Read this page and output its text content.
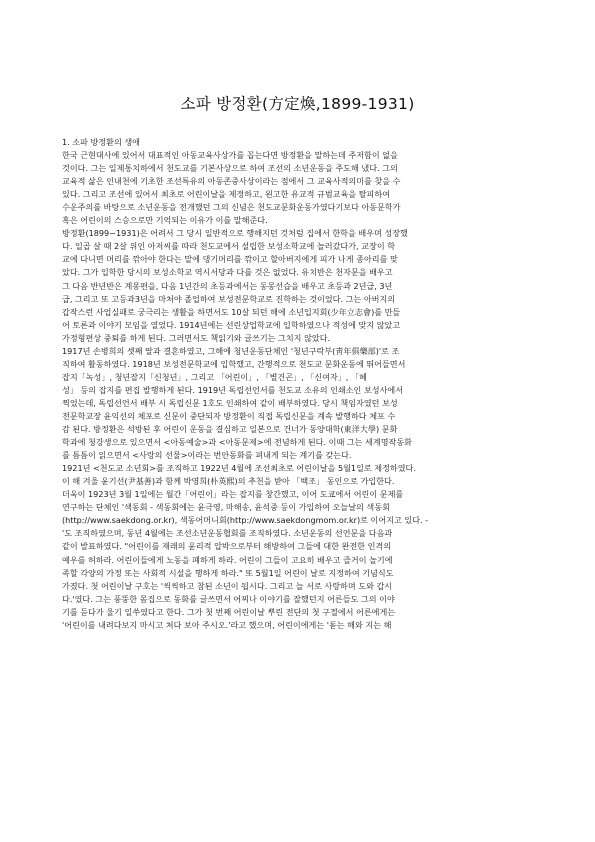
소파 방정환(方定煥,1899-1931)
1. 소파 방정환의 생애
한국 근현대사에 있어서 대표적인 아동교육사상가를 꼽는다면 방정환을 말하는데 주저함이 없을
것이다. 그는 일제통치하에서 천도교를 기본사상으로 하여 조선의 소년운동을 주도해 냈다. 그의
교육적 삶은 인내천에 기초한 조선특유의 아동존중사상이라는 점에서 그 교육사적의미를 찾을 수
있다. 그리고 조선에 있어서 최초로 어린이날을 제정하고, 왼고한 유교적 규범교육을 탈피하여
수운주의를 바탕으로 소년운동을 전개했던 그의 신념은 천도교문화운동가였다기보다 아동문학가
혹은 어린이의 스승으로만 기억되는 이유가 이를 말해준다.
방정환(1899~1931)은 어려서 그 당시 일반적으로 행해지던 것처럼 집에서 한학을 배우며 성장했
다. 일곱 살 때 2살 위인 아저씨를 따라 천도교에서 설립한 보성소학교에 놀러갔다가, 교장이 학
교에 다니면 머리를 깎아야 한다는 말에 댕기머리를 깎이고 할아버지에게 피가 나게 종아리를 맞
았다. 그가 입학한 당시의 보성소학교 역시서당과 다를 것은 없었다. 유치반은 천자문을 배우고
그 다음 반년반은 계몽편을, 다음 1년간의 초등과에서는 동몽선습을 배우고 초등과 2년급, 3년
급, 그리고 또 고등과3년을 마쳐야 졸업하여 보성전문학교로 진학하는 것이었다. 그는 아버지의
갑작스런 사업실패로 궁극리는 생활을 하면서도 10살 되던 해에 소년입지회(少年立志會)를 만들
어 토론과 이야기 모임을 열었다. 1914년에는 선린상업학교에 입학하였으나 적성에 맞지 않았고
가정형편상 중퇴를 하게 된다. 그러면서도 책읽기와 글쓰기는 그치지 않았다.
1917년 손병희의 셋째 딸과 결혼하였고, 그해에 청년운동단체인 '청년구락부(靑年俱樂部)'로 조
직하여 활동하였다. 1918년 보성전문학교에 입학했고, 간행적으로 천도교 문화운동에 뛰어들면서
잡지「녹성」, 청년잡지「신청년」, 그리고 「어린이」, 「별건곤」, 「신여자」, 「혜
성」 등의 잡지를 편집 발행하게 된다. 1919년 독립선언서를 천도교 소유의 인쇄소인 보성사에서
찍었는데, 독립선언서 배부 시 독립신문 1호도 인쇄하여 같이 배부하였다. 당시 책임자였던 보성
전문학교장 윤익선의 체포로 신문이 중단되자 방정환이 직접 독립신문을 계속 발행하다 체포 수
감 된다. 방정환은 석방된 후 어린이 운동을 결심하고 일본으로 건너가 동양대학(東洋大學) 문화
학과에 청강생으로 있으면서 <아동예술>과 <아동문제>에 전념하게 된다. 이때 그는 세계명작동화
를 틈틈이 읽으면서 <사랑의 선물>이라는 번안동화를 펴내게 되는 계기를 갖는다.
1921년 <천도교 소년회>를 조직하고 1922년 4월에 조선최초로 어린이날을 5월1일로 제정하였다.
이 해 겨울 윤기선(尹基善)과 함께 박영희(朴英熙)의 추천을 받아 「백조」 동인으로 가입한다.
더욱이 1923년 3월 1일에는 월간「어린이」라는 잡지를 창간했고, 이어 도쿄에서 어린이 문제를
연구하는 단체인 '색동회 - 색동회에는 윤극영, 마해송, 윤석중 등이 가입하여 오늘날의 색동회
(http://www.saekdong.or.kr), 색동어머니회(http://www.saekdongmom.or.kr)로 이어지고 있다. -
'도 조직하였으며, 동년 4월에는 조선소년운동협회를 조직하였다. 소년운동의 선언문을 다음과
같이 발표하였다. "어린이를 재래의 윤리적 압박으로부터 해방하여 그들에 대한 완전한 인격의
예우를 허하라. 어린이들에게 노동을 폐하게 하라. 어린이 그들이 고요히 배우고 즐거이 놀기에
족할 각양의 가정 또는 사회적 시설을 행하게 하라." 또 5월1일 어린이 날로 지정하여 기념식도
가졌다. 첫 어린이날 구호는 '씩씩하고 참된 소년이 됩시다. 그리고 늘 서로 사랑하며 도와 갑시
다.'였다. 그는 풍뚱한 몸집으로 동화를 글쓰면서 어찌나 이야기를 잘했던지 어른들도 그의 이야
기를 듣다가 울기 일쑤였다고 한다. 그가 첫 번째 어린이날 뿌린 전단의 첫 구절에서 어른에게는
'어린이를 내려다보지 마시고 쳐다 보아 주시오.'라고 했으며, 어린이에게는 '돋는 해와 지는 해
